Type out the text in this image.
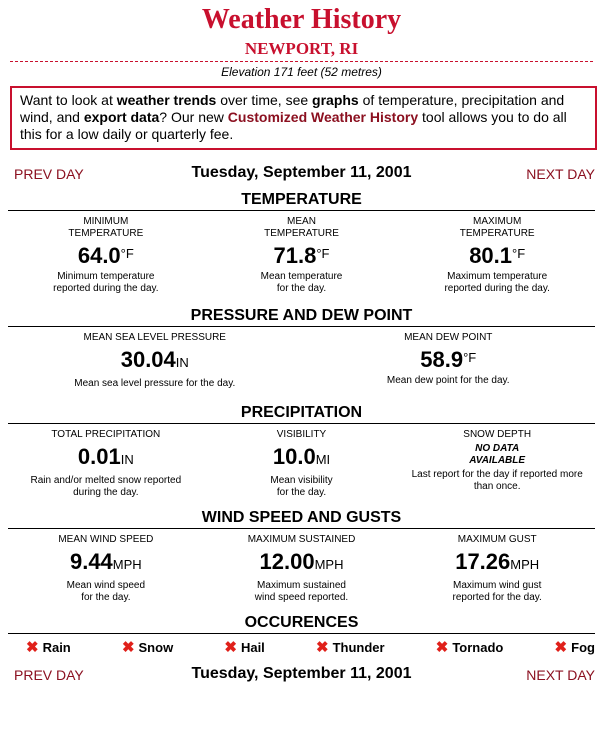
Weather History
NEWPORT, RI
Elevation 171 feet (52 metres)
Want to look at weather trends over time, see graphs of temperature, precipitation and wind, and export data? Our new Customized Weather History tool allows you to do all this for a low daily or quarterly fee.
PREV DAY	Tuesday, September 11, 2001	NEXT DAY
TEMPERATURE
MINIMUM
TEMPERATURE
$64.0^{^\circ F}$
Minimum temperature
reported during the day.
MEAN
TEMPERATURE
$71.8^{^\circ F}$
Mean temperature
for the day.
MAXIMUM
TEMPERATURE
$80.1^{^\circ F}$
Maximum temperature
reported during the day.
PRESSURE AND DEW POINT
MEAN SEA LEVEL PRESSURE
30.04IN
Mean sea level pressure for the day.
MEAN DEW POINT
$58.9^{^\circ F}$
Mean dew point for the day.
PRECIPITATION
TOTAL PRECIPITATION
0.01IN
Rain and/or melted snow reported
during the day.
VISIBILITY
10.0MI
Mean visibility
for the day.
SNOW DEPTH
NO DATA
AVAILABLE
Last report for the day if reported more
than once.
WIND SPEED AND GUSTS
MEAN WIND SPEED
9.44MPH
Mean wind speed
for the day.
MAXIMUM SUSTAINED
12.00MPH
Maximum sustained
wind speed reported.
MAXIMUM GUST
17.26MPH
Maximum wind gust
reported for the day.
OCCURENCES
✖ Rain	✖ Snow	✖ Hail	✖ Thunder	✖ Tornado	✖ Fog
PREV DAY	Tuesday, September 11, 2001	NEXT DAY
